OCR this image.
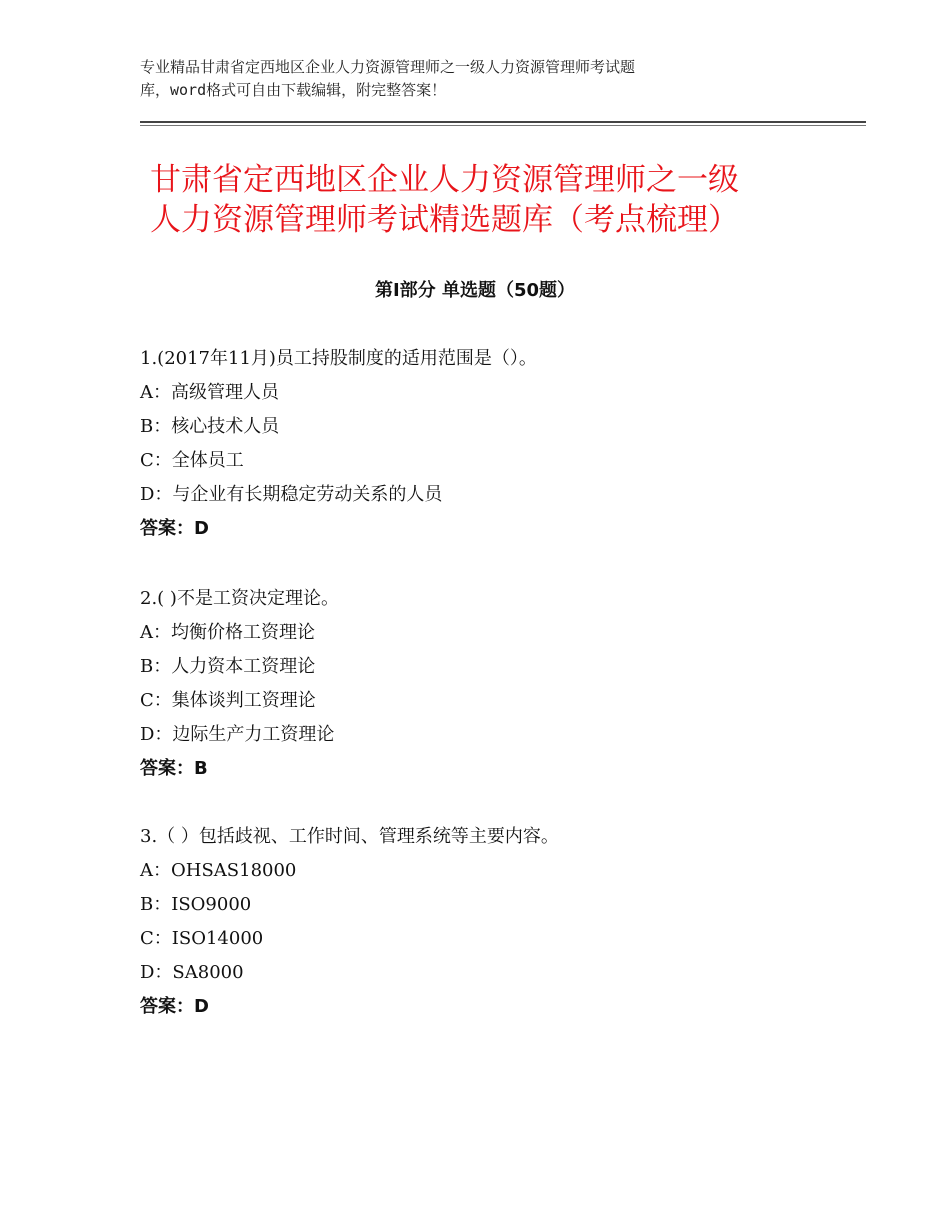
专业精品甘肃省定西地区企业人力资源管理师之一级人力资源管理师考试题
库，word格式可自由下载编辑，附完整答案！
甘肃省定西地区企业人力资源管理师之一级
人力资源管理师考试精选题库（考点梳理）
第Ⅰ部分 单选题（50题）
1.(2017年11月)员工持股制度的适用范围是（）。
A：高级管理人员
B：核心技术人员
C：全体员工
D：与企业有长期稳定劳动关系的人员
答案：D
2.( )不是工资决定理论。
A：均衡价格工资理论
B：人力资本工资理论
C：集体谈判工资理论
D：边际生产力工资理论
答案：B
3.（ ）包括歧视、工作时间、管理系统等主要内容。
A：OHSAS18000
B：ISO9000
C：ISO14000
D：SA8000
答案：D
